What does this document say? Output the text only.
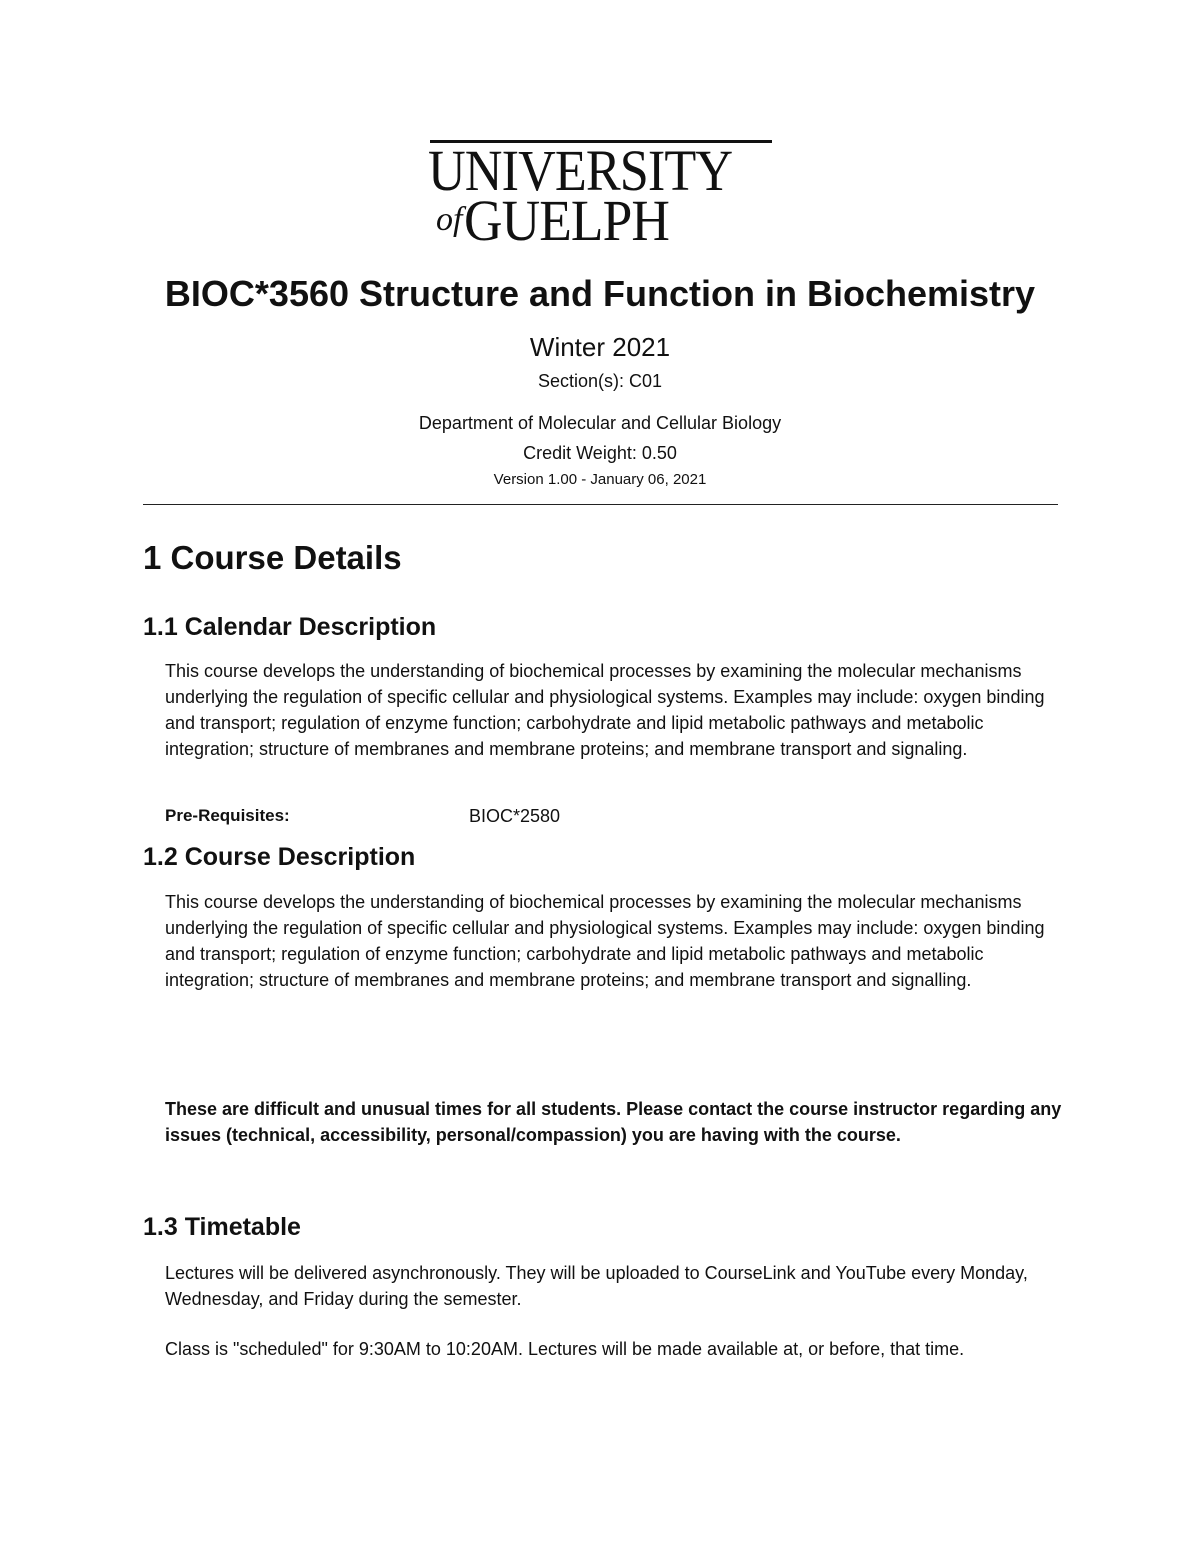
UNIVERSITY
ofGUELPH
BIOC*3560 Structure and Function in Biochemistry
Winter 2021
Section(s): C01
Department of Molecular and Cellular Biology
Credit Weight: 0.50
Version 1.00 - January 06, 2021
1 Course Details
1.1 Calendar Description
This course develops the understanding of biochemical processes by examining the molecular mechanisms underlying the regulation of specific cellular and physiological systems. Examples may include: oxygen binding and transport; regulation of enzyme function; carbohydrate and lipid metabolic pathways and metabolic integration; structure of membranes and membrane proteins; and membrane transport and signaling.
Pre-Requisites:	BIOC*2580
1.2 Course Description
This course develops the understanding of biochemical processes by examining the molecular mechanisms underlying the regulation of specific cellular and physiological systems. Examples may include: oxygen binding and transport; regulation of enzyme function; carbohydrate and lipid metabolic pathways and metabolic integration; structure of membranes and membrane proteins; and membrane transport and signalling.
These are difficult and unusual times for all students. Please contact the course instructor regarding any issues (technical, accessibility, personal/compassion) you are having with the course.
1.3 Timetable
Lectures will be delivered asynchronously. They will be uploaded to CourseLink and YouTube every Monday, Wednesday, and Friday during the semester.
Class is "scheduled" for 9:30AM to 10:20AM. Lectures will be made available at, or before, that time.
